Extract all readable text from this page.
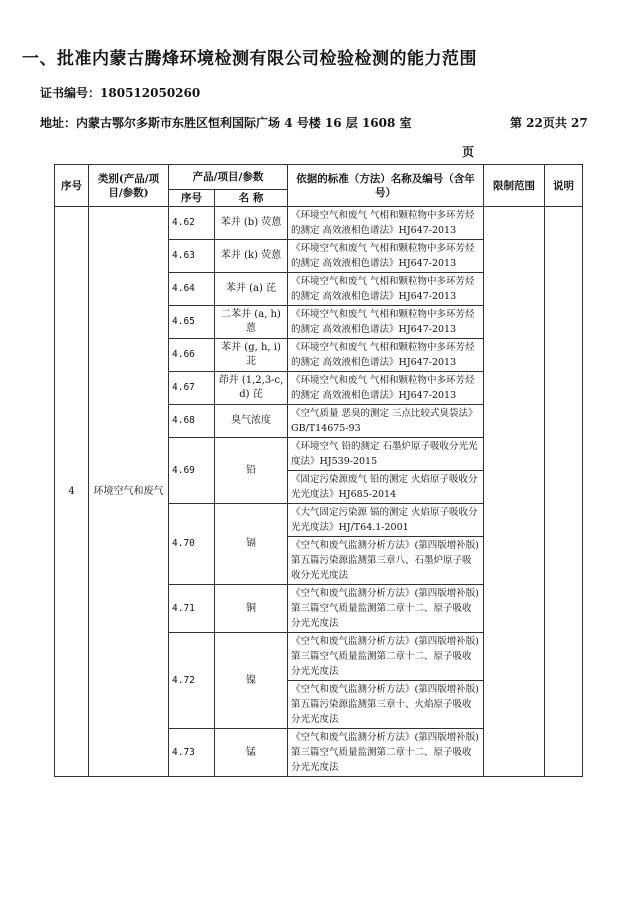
一、批准内蒙古腾烽环境检测有限公司检验检测的能力范围
证书编号：180512050260
地址：内蒙古鄂尔多斯市东胜区恒利国际广场 4 号楼 16 层 1608 室	第 22页共 27
页
序号	类别(产品/项目/参数)	产品/项目/参数		依据的标准（方法）名称及编号（含年号）	限制范围	说明
		序号	名 称			
4	环境空气和废气	4.62	苯并 (b) 荧蒽	《环境空气和废气 气相和颗粒物中多环芳烃的测定 高效液相色谱法》HJ647-2013		
		4.63	苯并 (k) 荧蒽	《环境空气和废气 气相和颗粒物中多环芳烃的测定 高效液相色谱法》HJ647-2013		
		4.64	苯并 (a) 芘	《环境空气和废气 气相和颗粒物中多环芳烃的测定 高效液相色谱法》HJ647-2013		
		4.65	二苯并 (a, h) 蒽	《环境空气和废气 气相和颗粒物中多环芳烃的测定 高效液相色谱法》HJ647-2013		
		4.66	苯并 (g, h, i) 苝	《环境空气和废气 气相和颗粒物中多环芳烃的测定 高效液相色谱法》HJ647-2013		
		4.67	茚并 (1,2,3-c, d) 芘	《环境空气和废气 气相和颗粒物中多环芳烃的测定 高效液相色谱法》HJ647-2013		
		4.68	臭气浓度	《空气质量 恶臭的测定 三点比较式臭袋法》GB/T14675-93		
		4.69	铅	《环境空气 铅的测定 石墨炉原子吸收分光光度法》HJ539-2015		
				《固定污染源废气 铅的测定 火焰原子吸收分光光度法》HJ685-2014		
		4.70	镉	《大气固定污染源 镉的测定 火焰原子吸收分光光度法》HJ/T64.1-2001		
				《空气和废气监测分析方法》(第四版增补版) 第五篇污染源监测第三章八、石墨炉原子吸收分光光度法		
		4.71	铜	《空气和废气监测分析方法》(第四版增补版) 第三篇空气质量监测第二章十二、原子吸收分光光度法		
		4.72	镍	《空气和废气监测分析方法》(第四版增补版) 第三篇空气质量监测第二章十二、原子吸收分光光度法		
				《空气和废气监测分析方法》(第四版增补版) 第五篇污染源监测第三章十、火焰原子吸收分光光度法		
		4.73	锰	《空气和废气监测分析方法》(第四版增补版) 第三篇空气质量监测第二章十二、原子吸收分光光度法		
